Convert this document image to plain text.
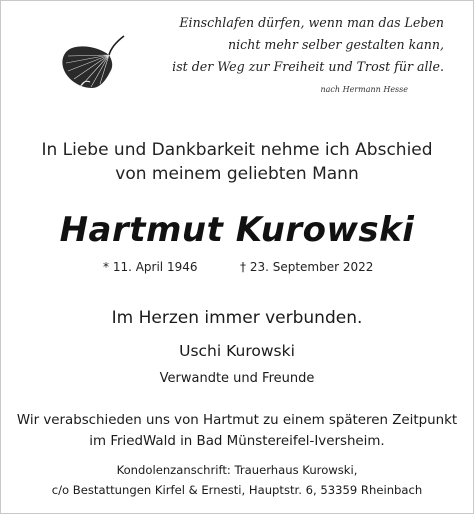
Einschlafen dürfen, wenn man das Leben
nicht mehr selber gestalten kann,
ist der Weg zur Freiheit und Trost für alle.
nach Hermann Hesse
In Liebe und Dankbarkeit nehme ich Abschied
von meinem geliebten Mann
Hartmut Kurowski
* 11. April 1946	† 23. September 2022
Im Herzen immer verbunden.
Uschi Kurowski
Verwandte und Freunde
Wir verabschieden uns von Hartmut zu einem späteren Zeitpunkt
im FriedWald in Bad Münstereifel-Iversheim.
Kondolenzanschrift: Trauerhaus Kurowski,
c/o Bestattungen Kirfel & Ernesti, Hauptstr. 6, 53359 Rheinbach
